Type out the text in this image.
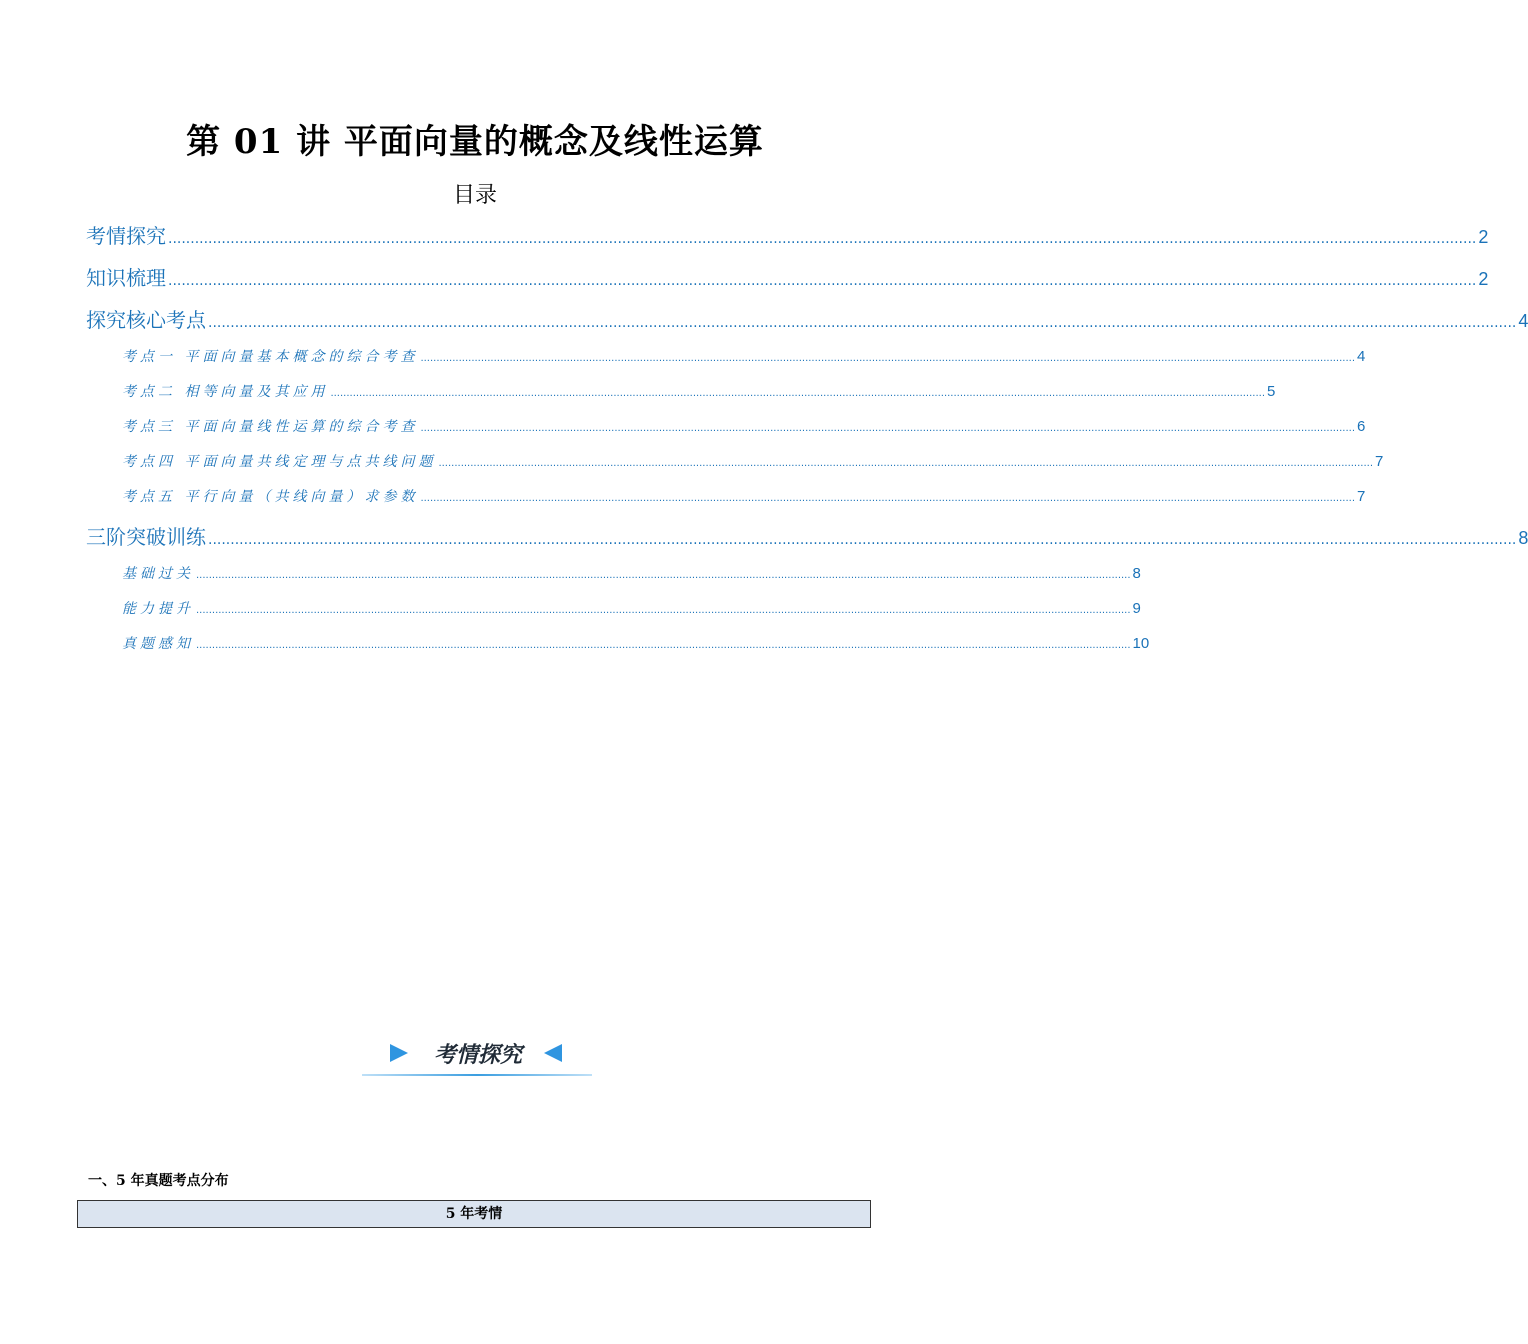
第 01 讲 平面向量的概念及线性运算
目录
考情探究 ...................................................................................................................................................................................................................................................................................................... 2
知识梳理 ...................................................................................................................................................................................................................................................................................................... 2
探究核心考点 ...................................................................................................................................................................................................................................................................................................... 4
考点一 平面向量基本概念的综合考查 ...................................................................................................................................................................................................................................................................................................... 4
考点二 相等向量及其应用 ...................................................................................................................................................................................................................................................................................................... 5
考点三 平面向量线性运算的综合考查 ...................................................................................................................................................................................................................................................................................................... 6
考点四 平面向量共线定理与点共线问题 ...................................................................................................................................................................................................................................................................................................... 7
考点五 平行向量（共线向量）求参数 ...................................................................................................................................................................................................................................................................................................... 7
三阶突破训练 ...................................................................................................................................................................................................................................................................................................... 8
基础过关 ...................................................................................................................................................................................................................................................................................................... 8
能力提升 ...................................................................................................................................................................................................................................................................................................... 9
真题感知 ...................................................................................................................................................................................................................................................................................................... 10
考情探究
一、5 年真题考点分布
5 年考情
